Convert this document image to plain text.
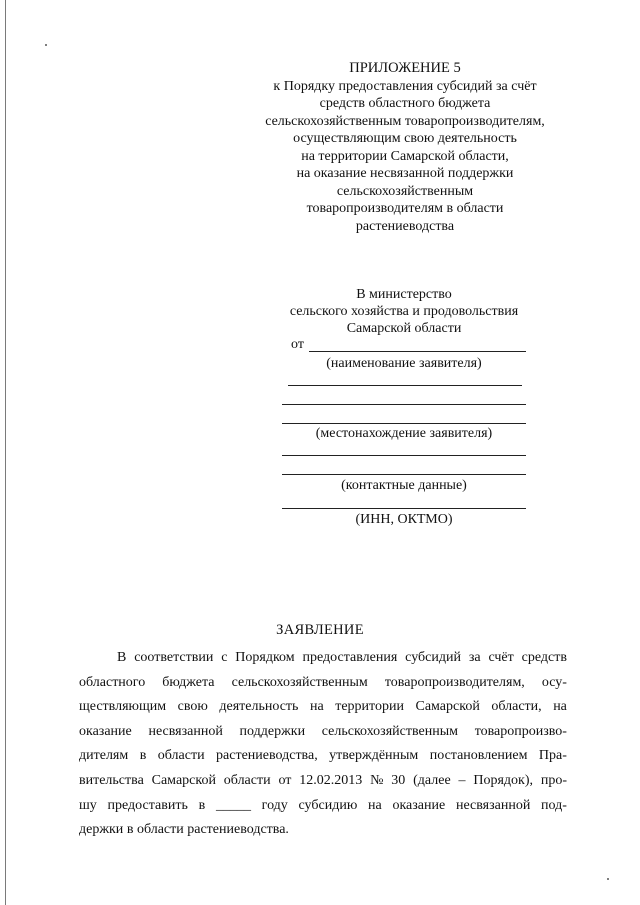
ПРИЛОЖЕНИЕ 5
к Порядку предоставления субсидий за счёт
средств областного бюджета
сельскохозяйственным товаропроизводителям,
осуществляющим свою деятельность
на территории Самарской области,
на оказание несвязанной поддержки
сельскохозяйственным
товаропроизводителям в области
растениеводства
В министерство
сельского хозяйства и продовольствия
Самарской области
от
(наименование заявителя)
(местонахождение заявителя)
(контактные данные)
(ИНН, ОКТМО)
ЗАЯВЛЕНИЕ
В соответствии с Порядком предоставления субсидий за счёт средств
областного бюджета сельскохозяйственным товаропроизводителям, осу-
ществляющим свою деятельность на территории Самарской области, на
оказание несвязанной поддержки сельскохозяйственным товаропроизво-
дителям в области растениеводства, утверждённым постановлением Пра-
вительства Самарской области от 12.02.2013 № 30 (далее – Порядок), про-
шу предоставить в _____ году субсидию на оказание несвязанной под-
держки
в
области
растениеводства.
